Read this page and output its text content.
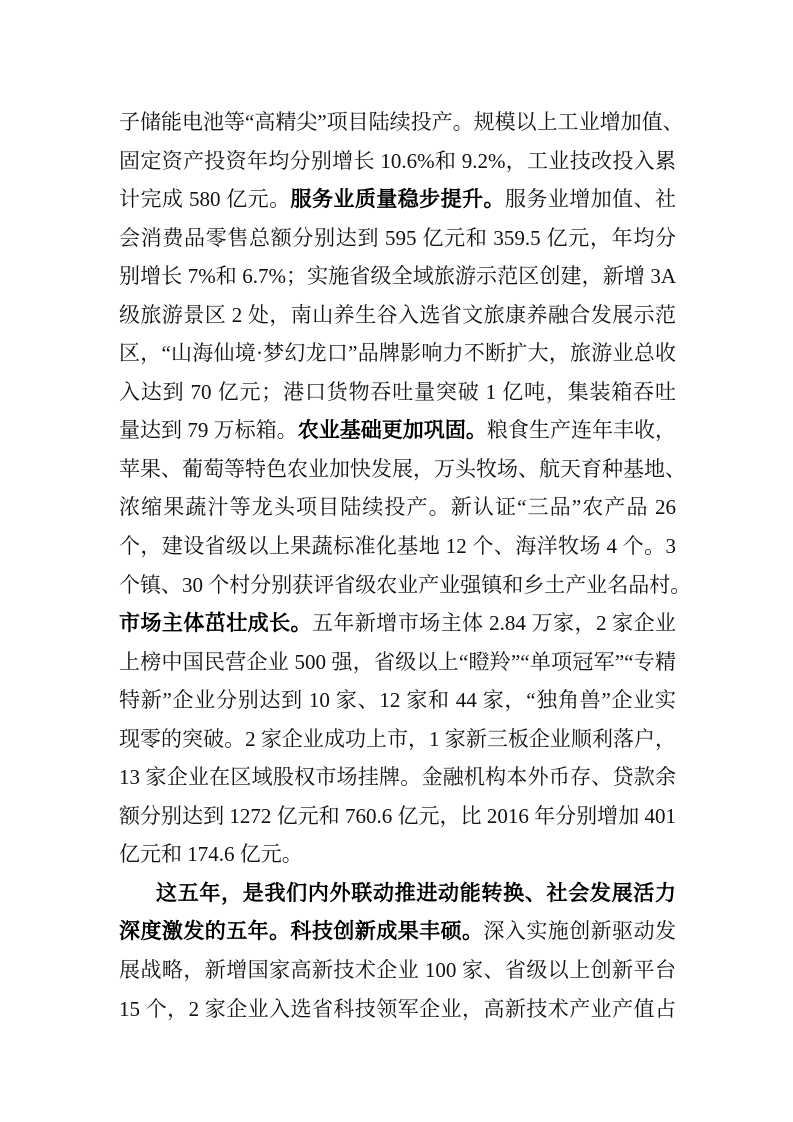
子储能电池等“高精尖”项目陆续投产。规模以上工业增加值、
固定资产投资年均分别增长 10.6%和 9.2%，工业技改投入累
计完成 580 亿元。服务业质量稳步提升。服务业增加值、社
会消费品零售总额分别达到 595 亿元和 359.5 亿元，年均分
别增长 7%和 6.7%；实施省级全域旅游示范区创建，新增 3A
级旅游景区 2 处，南山养生谷入选省文旅康养融合发展示范
区，“山海仙境·梦幻龙口”品牌影响力不断扩大，旅游业总收
入达到 70 亿元；港口货物吞吐量突破 1 亿吨，集装箱吞吐
量达到 79 万标箱。农业基础更加巩固。粮食生产连年丰收，
苹果、葡萄等特色农业加快发展，万头牧场、航天育种基地、
浓缩果蔬汁等龙头项目陆续投产。新认证“三品”农产品 26
个，建设省级以上果蔬标准化基地 12 个、海洋牧场 4 个。3
个镇、30 个村分别获评省级农业产业强镇和乡土产业名品村。
市场主体茁壮成长。五年新增市场主体 2.84 万家，2 家企业
上榜中国民营企业 500 强，省级以上“瞪羚”“单项冠军”“专精
特新”企业分别达到 10 家、12 家和 44 家，“独角兽”企业实
现零的突破。2 家企业成功上市，1 家新三板企业顺利落户，
13 家企业在区域股权市场挂牌。金融机构本外币存、贷款余
额分别达到 1272 亿元和 760.6 亿元，比 2016 年分别增加 401
亿元和 174.6 亿元。
这五年，是我们内外联动推进动能转换、社会发展活力
深度激发的五年。科技创新成果丰硕。深入实施创新驱动发
展战略，新增国家高新技术企业 100 家、省级以上创新平台
15 个，2 家企业入选省科技领军企业，高新技术产业产值占
